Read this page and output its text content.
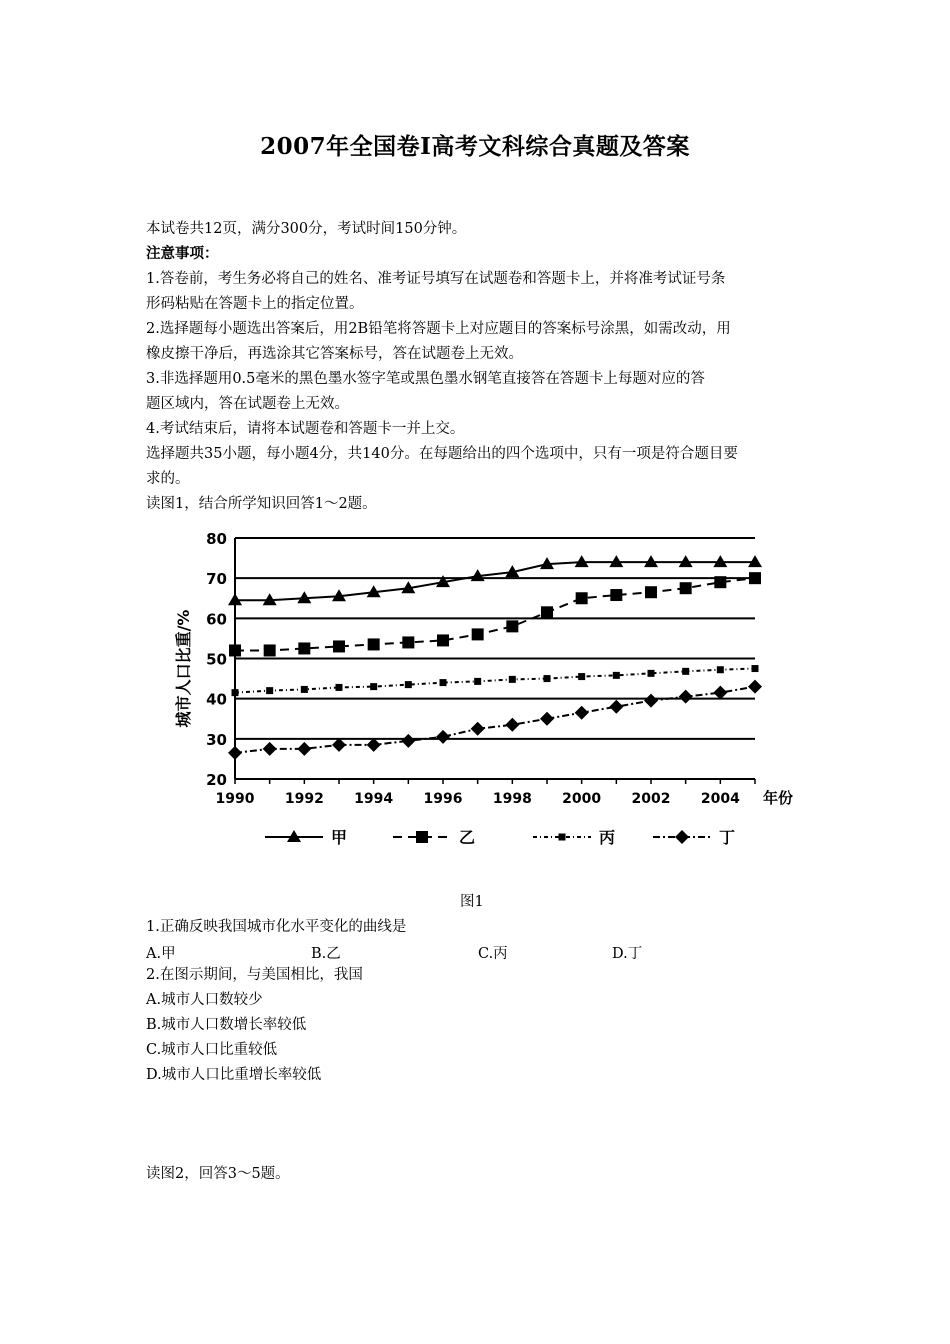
2007年全国卷Ⅰ高考文科综合真题及答案
本试卷共12页，满分300分，考试时间150分钟。
注意事项：
1.答卷前，考生务必将自己的姓名、准考证号填写在试题卷和答题卡上，并将准考试证号条
形码粘贴在答题卡上的指定位置。
2.选择题每小题选出答案后，用2B铅笔将答题卡上对应题目的答案标号涂黑，如需改动，用
橡皮擦干净后，再选涂其它答案标号，答在试题卷上无效。
3.非选择题用0.5毫米的黑色墨水签字笔或黑色墨水钢笔直接答在答题卡上每题对应的答
题区域内，答在试题卷上无效。
4.考试结束后，请将本试题卷和答题卡一并上交。
选择题共35小题，每小题4分，共140分。在每题给出的四个选项中，只有一项是符合题目要
求的。
读图1，结合所学知识回答1～2题。
80
70
60
50
40
30
20
1990 1992 1994 1996 1998 2000 2002 2004 年份
城市人口比重/%
甲	乙	丙	丁
图1
1.正确反映我国城市化水平变化的曲线是
A.甲	B.乙	C.丙	D.丁
2.在图示期间，与美国相比，我国
A.城市人口数较少
B.城市人口数增长率较低
C.城市人口比重较低
D.城市人口比重增长率较低
读图2，回答3～5题。
